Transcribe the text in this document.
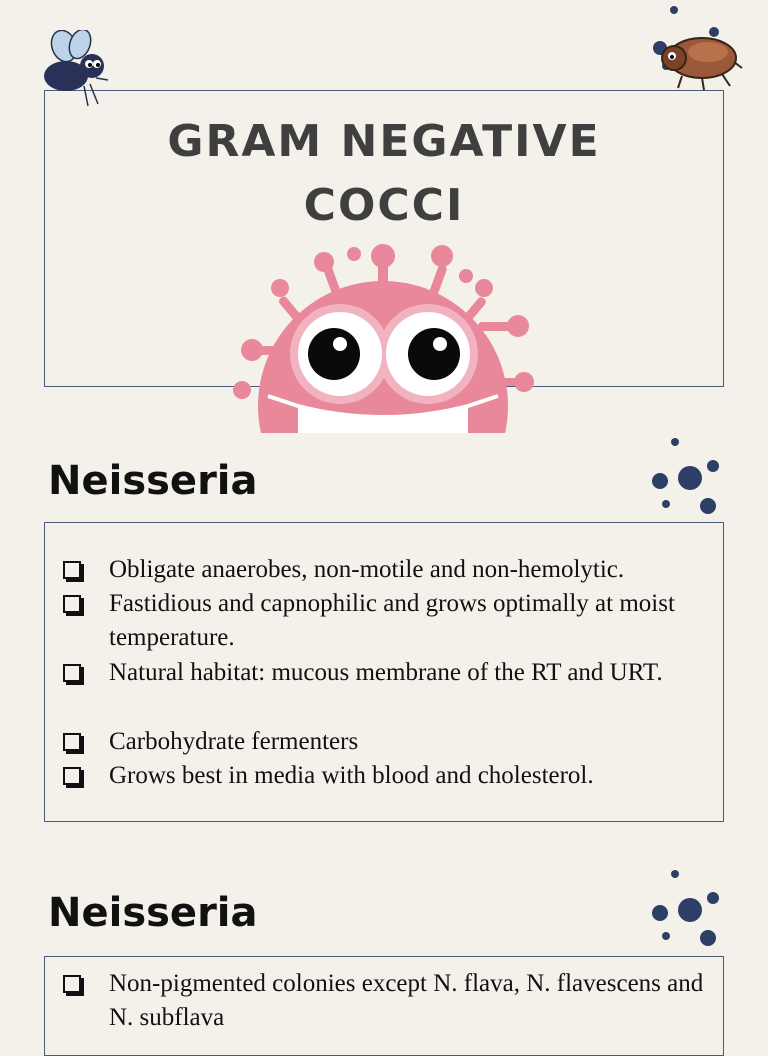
GRAM NEGATIVE
COCCI
Neisseria
Obligate anaerobes, non-motile and non-hemolytic.
Fastidious and capnophilic and grows optimally at moist temperature.
Natural habitat: mucous membrane of the RT and URT.
Carbohydrate fermenters
Grows best in media with blood and cholesterol.
Neisseria
Non-pigmented colonies except N. flava, N. flavescens and N. subflava
